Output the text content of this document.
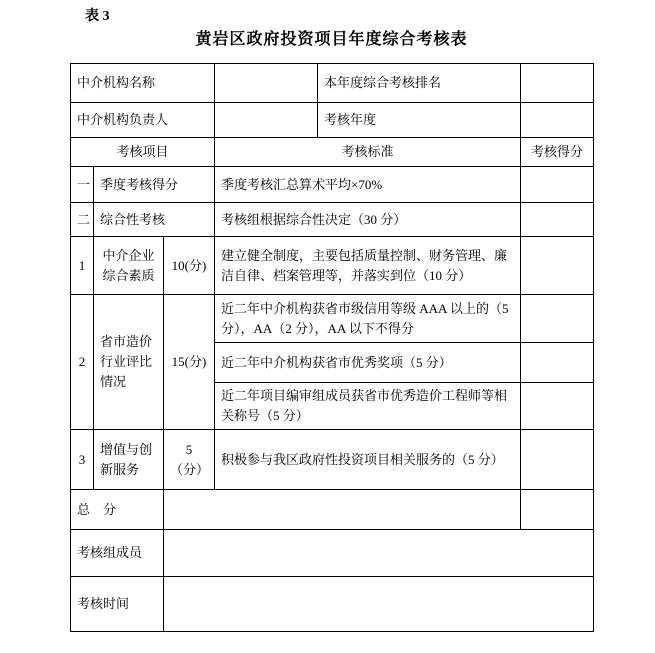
表 3
黄岩区政府投资项目年度综合考核表
中介机构名称				本年度综合考核排名	
中介机构负责人				考核年度	
考核项目			考核标准		考核得分
一	季度考核得分		季度考核汇总算术平均×70%		
二	综合性考核		考核组根据综合性决定（30 分）		
1	中介企业综合素质	10(分)	建立健全制度，主要包括质量控制、财务管理、廉洁自律、档案管理等，并落实到位（10 分）		
2	省市造价行业评比情况	15(分)	近二年中介机构获省市级信用等级 AAA 以上的（5 分），AA（2 分），AA 以下不得分		
			近二年中介机构获省市优秀奖项（5 分）		
			近二年项目编审组成员获省市优秀造价工程师等相关称号（5 分）		
3	增值与创新服务	5（分）	积极参与我区政府性投资项目相关服务的（5 分）		
总　分					
考核组成员					
考核时间					
